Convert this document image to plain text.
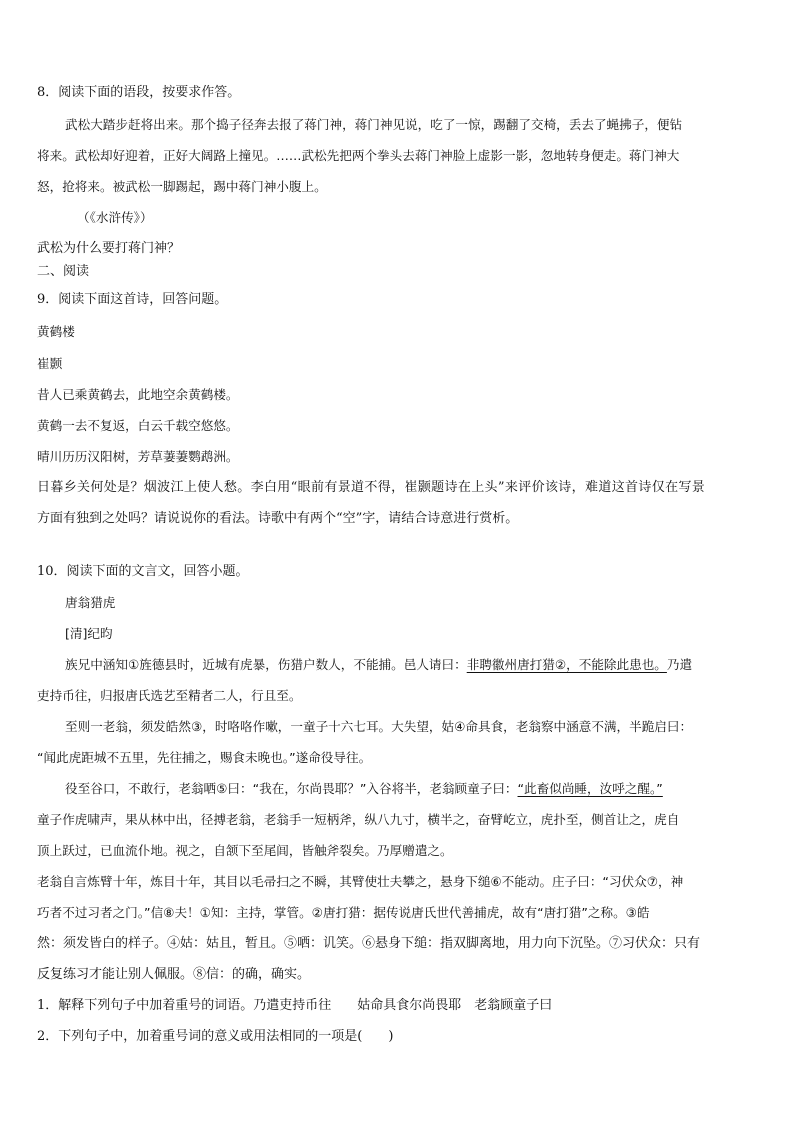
8．阅读下面的语段，按要求作答。
武松大踏步赶将出来。那个捣子径奔去报了蒋门神，蒋门神见说，吃了一惊，踢翻了交椅，丢去了蝇拂子，便钻
将来。武松却好迎着，正好大阔路上撞见。……武松先把两个拳头去蒋门神脸上虚影一影，忽地转身便走。蒋门神大
怒，抢将来。被武松一脚踢起，踢中蒋门神小腹上。
（《水浒传》）
武松为什么要打蒋门神？
二、阅读
9．阅读下面这首诗，回答问题。
黄鹤楼
崔颢
昔人已乘黄鹤去，此地空余黄鹤楼。
黄鹤一去不复返，白云千载空悠悠。
晴川历历汉阳树，芳草萋萋鹦鹉洲。
日暮乡关何处是？烟波江上使人愁。李白用“眼前有景道不得，崔颢题诗在上头”来评价该诗，难道这首诗仅在写景
方面有独到之处吗？请说说你的看法。诗歌中有两个“空”字，请结合诗意进行赏析。
10．阅读下面的文言文，回答小题。
唐翁猎虎
[清]纪昀
族兄中涵知①旌德县时，近城有虎暴，伤猎户数人，不能捕。邑人请曰：非聘徽州唐打猎②，不能除此患也。乃遣
吏持币往，归报唐氏选艺至精者二人，行且至。
至则一老翁，须发皓然③，时咯咯作嗽，一童子十六七耳。大失望，姑④命具食，老翁察中涵意不满，半跪启曰：
“闻此虎距城不五里，先往捕之，赐食未晚也。”遂命役导往。
役至谷口，不敢行，老翁哂⑤曰：“我在，尔尚畏耶？”入谷将半，老翁顾童子曰：“此畜似尚睡，汝呼之醒。”
童子作虎啸声，果从林中出，径搏老翁，老翁手一短柄斧，纵八九寸，横半之，奋臂屹立，虎扑至，侧首让之，虎自
顶上跃过，已血流仆地。视之，自颔下至尾闾，皆触斧裂矣。乃厚赠遣之。
老翁自言炼臂十年，炼目十年，其目以毛帚扫之不瞬，其臂使壮夫攀之，悬身下缒⑥不能动。庄子曰：“习伏众⑦，神
巧者不过习者之门。”信⑧夫！①知：主持，掌管。②唐打猎：据传说唐氏世代善捕虎，故有“唐打猎”之称。③皓
然：须发皆白的样子。④姑：姑且，暂且。⑤哂：讥笑。⑥悬身下缒：指双脚离地，用力向下沉坠。⑦习伏众：只有
反复练习才能让别人佩服。⑧信：的确，确实。
1．解释下列句子中加着重号的词语。乃遣吏持币往　　姑命具食尔尚畏耶　老翁顾童子曰
2．下列句子中，加着重号词的意义或用法相同的一项是(　　)
